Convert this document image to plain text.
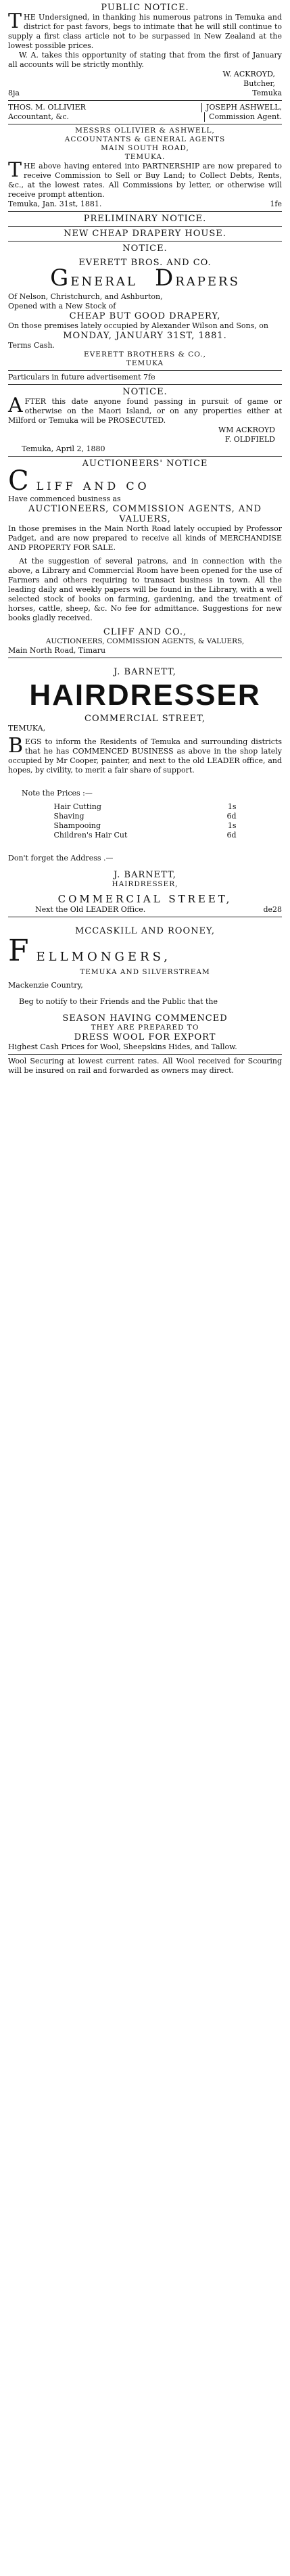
PUBLIC NOTICE.
T HE Undersigned, in thanking his numerous patrons in Temuka and district for past favors, begs to intimate that he will still continue to supply a first class article not to be surpassed in New Zealand at the lowest possible prices.
W. A. takes this opportunity of stating that from the first of January all accounts will be strictly monthly.
W. ACKROYD,
Butcher,
8ja	Temuka
THOS. M. OLLIVIER	JOSEPH ASHWELL,
Accountant, &c.	Commission Agent.
MESSRS OLLIVIER & ASHWELL,
ACCOUNTANTS & GENERAL AGENTS
MAIN SOUTH ROAD,
TEMUKA.
T HE above having entered into PARTNERSHIP are now prepared to receive Commission to Sell or Buy Land; to Collect Debts, Rents, &c., at the lowest rates. All Commissions by letter, or otherwise will receive prompt attention.
Temuka, Jan. 31st, 1881.	1fe
PRELIMINARY NOTICE.
NEW CHEAP DRAPERY HOUSE.
NOTICE.
EVERETT BROS. AND CO.
GENERAL DRAPERS
Of Nelson, Christchurch, and Ashburton,
Opened with a New Stock of
CHEAP BUT GOOD DRAPERY,
On those premises lately occupied by Alexander Wilson and Sons, on
MONDAY, JANUARY 31ST, 1881.
Terms Cash.
EVERETT BROTHERS & CO.,
TEMUKA
Particulars in future advertisement 7fe
NOTICE.
A FTER this date anyone found passing in pursuit of game or otherwise on the Maori Island, or on any properties either at Milford or Temuka will be PROSECUTED.
WM ACKROYD
F. OLDFIELD
Temuka, April 2, 1880
AUCTIONEERS' NOTICE
CLIFF AND CO
Have commenced business as
AUCTIONEERS, COMMISSION AGENTS, AND VALUERS,
In those premises in the Main North Road lately occupied by Professor Padget, and are now prepared to receive all kinds of MERCHANDISE AND PROPERTY FOR SALE.
At the suggestion of several patrons, and in connection with the above, a Library and Commercial Room have been opened for the use of Farmers and others requiring to transact business in town. All the leading daily and weekly papers will be found in the Library, with a well selected stock of books on farming, gardening, and the treatment of horses, cattle, sheep, &c. No fee for admittance. Suggestions for new books gladly received.
CLIFF AND CO.,
AUCTIONEERS, COMMISSION AGENTS, & VALUERS,
Main North Road, Timaru
J. BARNETT,
HAIRDRESSER
COMMERCIAL STREET,
TEMUKA,
B EGS to inform the Residents of Temuka and surrounding districts that he has COMMENCED BUSINESS as above in the shop lately occupied by Mr Cooper, painter, and next to the old LEADER office, and hopes, by civility, to merit a fair share of support.
Note the Prices :—
Hair Cutting	1s
Shaving	6d
Shampooing	1s
Children's Hair Cut	6d
Don't forget the Address .—
J. BARNETT,
HAIRDRESSER,
COMMERCIAL STREET,
Next the Old LEADER Office.	de28
MCCASKILL AND ROONEY,
FELLMONGERS,
TEMUKA AND SILVERSTREAM
Mackenzie Country,
Beg to notify to their Friends and the Public that the
SEASON HAVING COMMENCED
THEY ARE PREPARED TO
DRESS WOOL FOR EXPORT
Highest Cash Prices for Wool, Sheepskins Hides, and Tallow.
Wool Securing at lowest current rates. All Wool received for Scouring will be insured on rail and forwarded as owners may direct.
